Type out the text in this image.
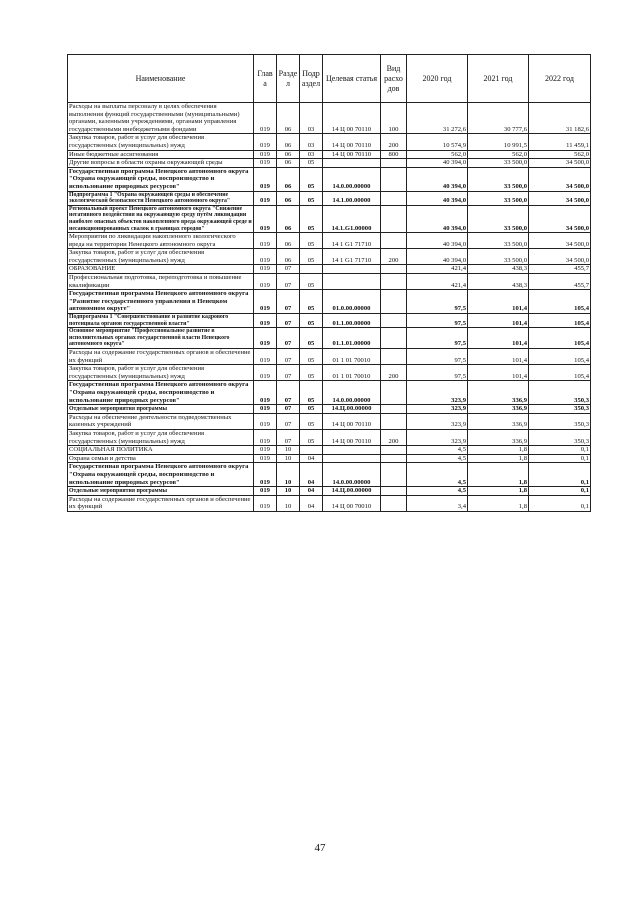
Наименование	Глав а	Разде л	Подр аздел	Целевая статья	Вид расхо дов	2020 год	2021 год	2022 год
Расходы на выплаты персоналу в целях обеспечения выполнения функций государственными (муниципальными) органами, казенными учреждениями, органами управления государственными внебюджетными фондами	019	06	03	14 Ц 00 70110	100	31 272,6	30 777,6	31 182,6
Закупка товаров, работ и услуг для обеспечения государственных (муниципальных) нужд	019	06	03	14 Ц 00 70110	200	10 574,9	10 991,5	11 459,1
Иные бюджетные ассигнования	019	06	03	14 Ц 00 70110	800	562,0	562,0	562,0
Другие вопросы в области охраны окружающей среды	019	06	05			40 394,0	33 500,0	34 500,0
Государственная программа Ненецкого автономного округа "Охрана окружающей среды, воспроизводство и использование природных ресурсов"	019	06	05	14.0.00.00000		40 394,0	33 500,0	34 500,0
Подпрограмма 1 "Охрана окружающей среды и обеспечение экологической безопасности Ненецкого автономного округа"	019	06	05	14.1.00.00000		40 394,0	33 500,0	34 500,0
Региональный проект Ненецкого автономного округа "Снижение негативного воздействия на окружающую среду путём ликвидации наиболее опасных объектов накопленного вреда окружающей среде и несанкционированных свалок в границах городов"	019	06	05	14.1.G1.00000		40 394,0	33 500,0	34 500,0
Мероприятия по ликвидации накопленного экологического вреда на территории Ненецкого автономного округа	019	06	05	14 1 G1 71710		40 394,0	33 500,0	34 500,0
Закупка товаров, работ и услуг для обеспечения государственных (муниципальных) нужд	019	06	05	14 1 G1 71710	200	40 394,0	33 500,0	34 500,0
ОБРАЗОВАНИЕ	019	07				421,4	438,3	455,7
Профессиональная подготовка, переподготовка и повышение квалификации	019	07	05			421,4	438,3	455,7
Государственная программа Ненецкого автономного округа "Развитие государственного управления в Ненецком автономном округе"	019	07	05	01.0.00.00000		97,5	101,4	105,4
Подпрограмма 1 "Совершенствование и развитие кадрового потенциала органов государственной власти"	019	07	05	01.1.00.00000		97,5	101,4	105,4
Основное мероприятие "Профессиональное развитие в исполнительных органах государственной власти Ненецкого автономного округа"	019	07	05	01.1.01.00000		97,5	101,4	105,4
Расходы на содержание государственных органов и обеспечение их функций	019	07	05	01 1 01 70010		97,5	101,4	105,4
Закупка товаров, работ и услуг для обеспечения государственных (муниципальных) нужд	019	07	05	01 1 01 70010	200	97,5	101,4	105,4
Государственная программа Ненецкого автономного округа "Охрана окружающей среды, воспроизводство и использование природных ресурсов"	019	07	05	14.0.00.00000		323,9	336,9	350,3
Отдельные мероприятия программы	019	07	05	14.Ц.00.00000		323,9	336,9	350,3
Расходы на обеспечение деятельности подведомственных казенных учреждений	019	07	05	14 Ц 00 70110		323,9	336,9	350,3
Закупка товаров, работ и услуг для обеспечения государственных (муниципальных) нужд	019	07	05	14 Ц 00 70110	200	323,9	336,9	350,3
СОЦИАЛЬНАЯ ПОЛИТИКА	019	10				4,5	1,8	0,1
Охрана семьи и детства	019	10	04			4,5	1,8	0,1
Государственная программа Ненецкого автономного округа "Охрана окружающей среды, воспроизводство и использование природных ресурсов"	019	10	04	14.0.00.00000		4,5	1,8	0,1
Отдельные мероприятия программы	019	10	04	14.Ц.00.00000		4,5	1,8	0,1
Расходы на содержание государственных органов и обеспечение их функций	019	10	04	14 Ц 00 70010		3,4	1,8	0,1
47
